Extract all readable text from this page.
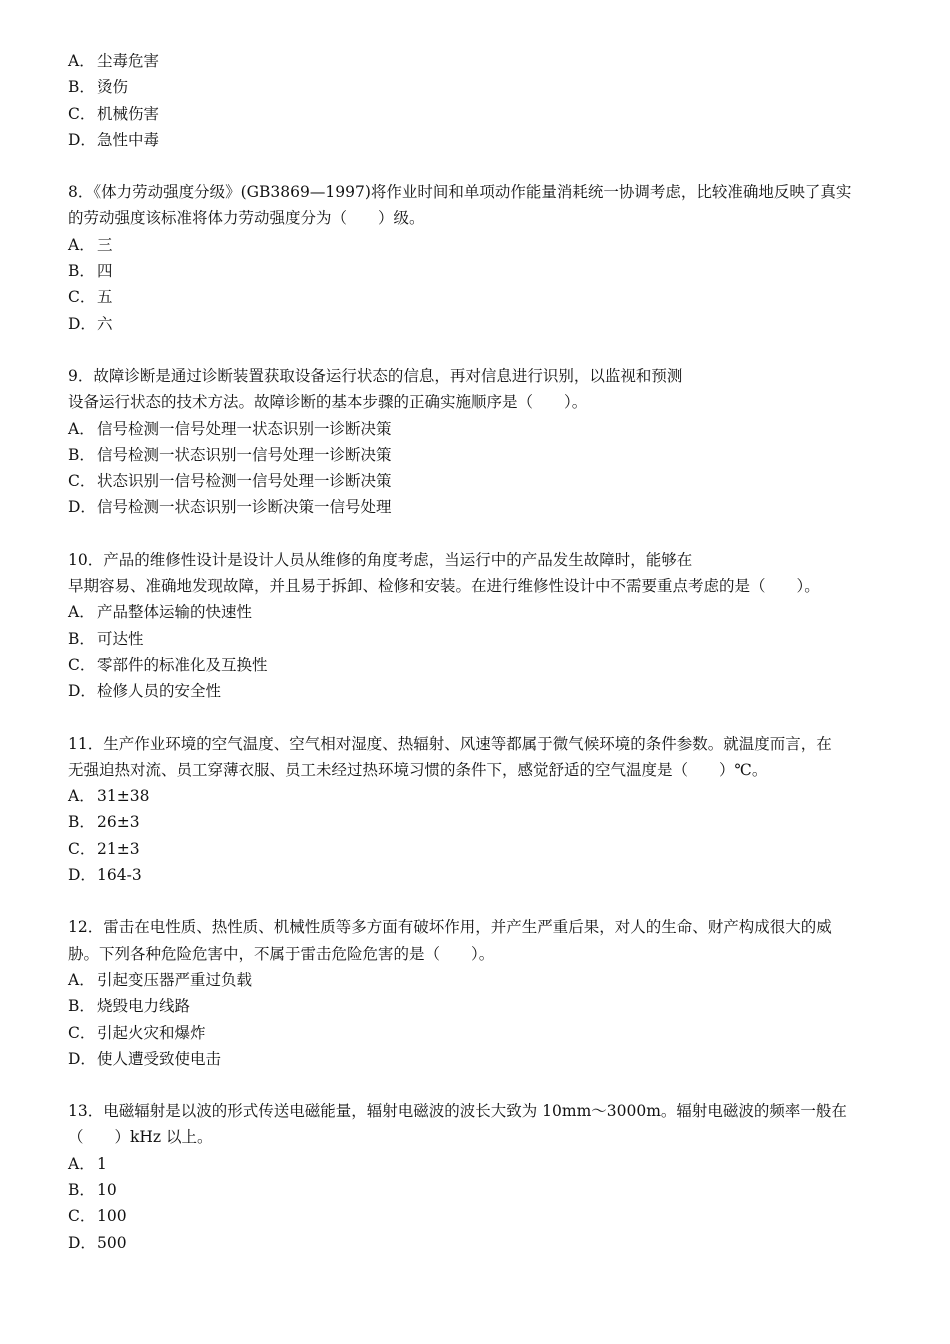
A． 尘毒危害
B． 烫伤
C． 机械伤害
D．急性中毒
8．《体力劳动强度分级》(GB3869—1997)将作业时间和单项动作能量消耗统一协调考虑，比较准确地反映了真实
的劳动强度该标准将体力劳动强度分为（　　）级。
A． 三
B． 四
C． 五
D．六
9．故障诊断是通过诊断装置获取设备运行状态的信息，再对信息进行识别，以监视和预测
设备运行状态的技术方法。故障诊断的基本步骤的正确实施顺序是（　　）。
A． 信号检测一信号处理一状态识别一诊断决策
B． 信号检测一状态识别一信号处理一诊断决策
C． 状态识别一信号检测一信号处理一诊断决策
D．信号检测一状态识别一诊断决策一信号处理
10．产品的维修性设计是设计人员从维修的角度考虑，当运行中的产品发生故障时，能够在
早期容易、准确地发现故障，并且易于拆卸、检修和安装。在进行维修性设计中不需要重点考虑的是（　　）。
A． 产品整体运输的快速性
B． 可达性
C． 零部件的标准化及互换性
D．检修人员的安全性
11．生产作业环境的空气温度、空气相对湿度、热辐射、风速等都属于微气候环境的条件参数。就温度而言，在
无强迫热对流、员工穿薄衣服、员工未经过热环境习惯的条件下，感觉舒适的空气温度是（　　）℃。
A． 31±38
B． 26±3
C． 21±3
D．164-3
12．雷击在电性质、热性质、机械性质等多方面有破坏作用，并产生严重后果，对人的生命、财产构成很大的威
胁。下列各种危险危害中，不属于雷击危险危害的是（　　）。
A． 引起变压器严重过负载
B． 烧毁电力线路
C． 引起火灾和爆炸
D．使人遭受致使电击
13．电磁辐射是以波的形式传送电磁能量，辐射电磁波的波长大致为 10mm～3000m。辐射电磁波的频率一般在
（　　）kHz 以上。
A． 1
B． 10
C． 100
D．500
